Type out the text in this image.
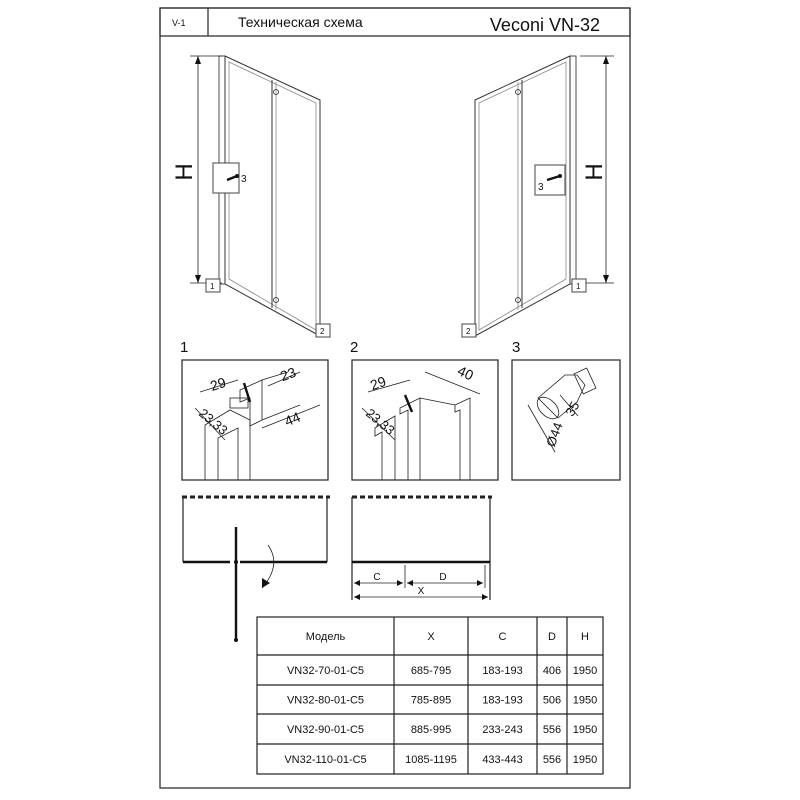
V-1	Техническая схема	Veconi VN-32
H	3
1
2
H
3
1
2
1
29	23
23,33	44
2
29	40
23,33
3
35
Ø44
C	D
X
Модель	X	C	D H
VN32-70-01-C5	685-795	183-193 406 1950
VN32-80-01-C5	785-895	183-193 506 1950
VN32-90-01-C5	885-995	233-243 556 1950
VN32-110-01-C5	1085-1195 433-443 556 1950
